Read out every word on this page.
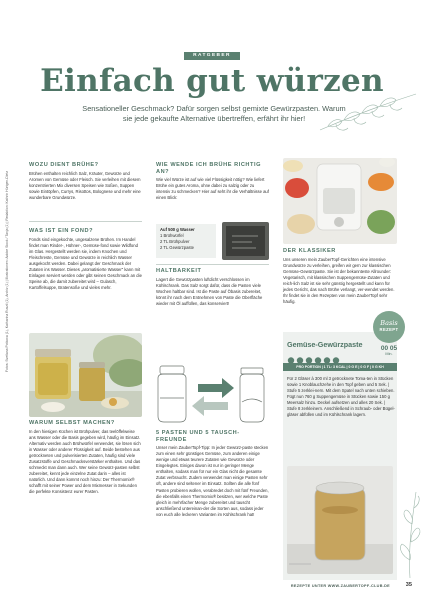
RATGEBER
Einfach gut würzen
Sensationeller Geschmack? Dafür sorgen selbst gemixte Gewürzpasten. Warum sie jede gekaufte Alternative übertreffen, erfährt ihr hier!

WOZU DIENT BRÜHE?

Brühen enthalten reichlich Salz, Kräuter, Gewürze und Aromen von Gemüse oder Fleisch. Sie verleihen mit diesem konzentrierten Mix diversen Speisen wie Soßen, Suppen sowie Eintöpfen, Currys, Risottos, Bolognese und mehr eine wunderbare Grundwürze.

WAS IST EIN FOND?

Fonds sind eingekochte, ungesalzene Brühen. Im Handel findet man Rinder-, Hühner-, Gemüse-fond sowie Wildfond im Glas. Hergestellt werden sie, indem Knochen und Fleischreste, Gemüse und Gewürze in reichlich Wasser ausgekocht werden. Dabei gelangt der Geschmack der Zutaten ins Wasser. Dieses „aromatisierte Wasser“ kann mit Einlagen serviert werden oder gibt seinen Geschmack an die Speise ab, die damit zubereitet wird – Gulasch, Kartoffelsuppe, Bratensoße und vieles mehr.

WARUM SELBST MACHEN?

In den hiesigen Küchen ist Brühpulver, das teelöffelweise ans Wasser oder die Basis gegeben wird, häufig im Einsatz. Alternativ werden auch Brühwürfel verwendet, sie lösen sich in Wasser oder anderer Flüssigkeit auf. Beide bestehen aus getrockneten und pulverisierten Zutaten, häufig sind viele Zusatzstoffe und Geschmacksverstärker enthalten. Und das schmeckt man dann auch. Wer seine Gewürz-pasten selbst zubereitet, kennt jede einzelne Zutat darin – alles ist natürlich. Und dann kommt noch hinzu: Der Thermomix® schafft mit seiner Power und dem Mixmesser in Sekunden die perfekte Konsistenz eurer Pasten.

WIE WENDE ICH BRÜHE RICHTIG AN?

Wie viel Würze ist auf wie viel Flüssigkeit nötig? Wie liefert Brühe ein gutes Aroma, ohne dabei zu salzig oder zu intensiv zu schmecken? Hier auf seht ihr die Verhältnisse auf einen Blick:

Auf 500 g Wasser
1 Brühwürfel
2 TL Brühpulver
2 TL Gewürzpaste

HALTBARKEIT

Lagert die Gewürzpasten luftdicht verschlossen im Kühlschrank. Das Salz sorgt dafür, dass die Pasten viele Wochen haltbar sind. Ist die Paste auf Öbasis zubereitet, könnt ihr nach dem Entnehmen von Paste die Oberfläche wieder mit Öl auffüllen, das konserviert!

5 PASTEN UND 5 TAUSCH-FREUNDE

Unser mein ZauberTopf-Tipp: In jeder Gewürz-paste stecken zum einen sehr günstiges Gemüse, zum anderen einige wenige und etwas teurere Zutaten wie Gewürze oder Eingelegtes. Einiges davon ist nur in geringer Menge enthalten, sodass man für nur ein Glas nicht die gesamte Zutat verbraucht. Zudem verwendet man einige Pasten sehr oft, andere sind seltener im Einsatz. Sollten die alle fünf Pasten probieren wollen, verabredet doch mit fünf Freunden, die ebenfalls einen Thermomix® besitzen, wer welche Paste gleich in mehrfacher Menge zubereitet und tauscht anschließend untereinan-der die Sorten aus, sodass jeder von euch alle leckeren Varianten im Kühlschrank hat!

DER KLASSIKER

Uns unseren mein ZauberTopf-Gerichten eine intensive Grundwürze zu verleihen, greifen wir gern zur klassischen Gemüse-Gewürzpaste. Sie ist der bekannteste Allrounder: Vegetarisch, mit klassischen Suppengemüse-Zutaten und reich-lich Salz ist sie sehr günstig hergestellt und kann für jedes Gericht, das nach Brühe verlangt, ver-wendet werden. Ihr findet sie in den Rezepten von mein ZauberTopf sehr häufig.

Basis
REZEPT
Gemüse-Gewürzpaste	00 05
Min.
PRO PORTION | 1 TL: 3 KCAL | 0 G E | 0 G F | 0 G KH
Für 2 Gläser à 300 ml 3 getrocknete Toma-ten in Stücken sowie 1 Knoblauchzehe in den Topf geben und 5 Sek. | Stufe 5 zerklei-nern. Mit dem Spatel nach unten schieben. Fügt nun 760 g Suppengemüse in Stücken sowie 150 g Meersalz hinzu. Deckel aufsetzen und alles 20 Sek. | Stufe 8 zerkleinern. Anschließend in Schraub- oder Bügel-gläser abfüllen und im Kühlschrank lagern.
Fotos: Svetlana Potkova (1), Katharina Ruszil (1), Archiv (1) | Illustrationen: Adobe Stock / Tanja (1) | Redaktion: Kathrin Hürtgen-Dietz
REZEPTE UNTER WWW.ZAUBERTOPF-CLUB.DE	35
